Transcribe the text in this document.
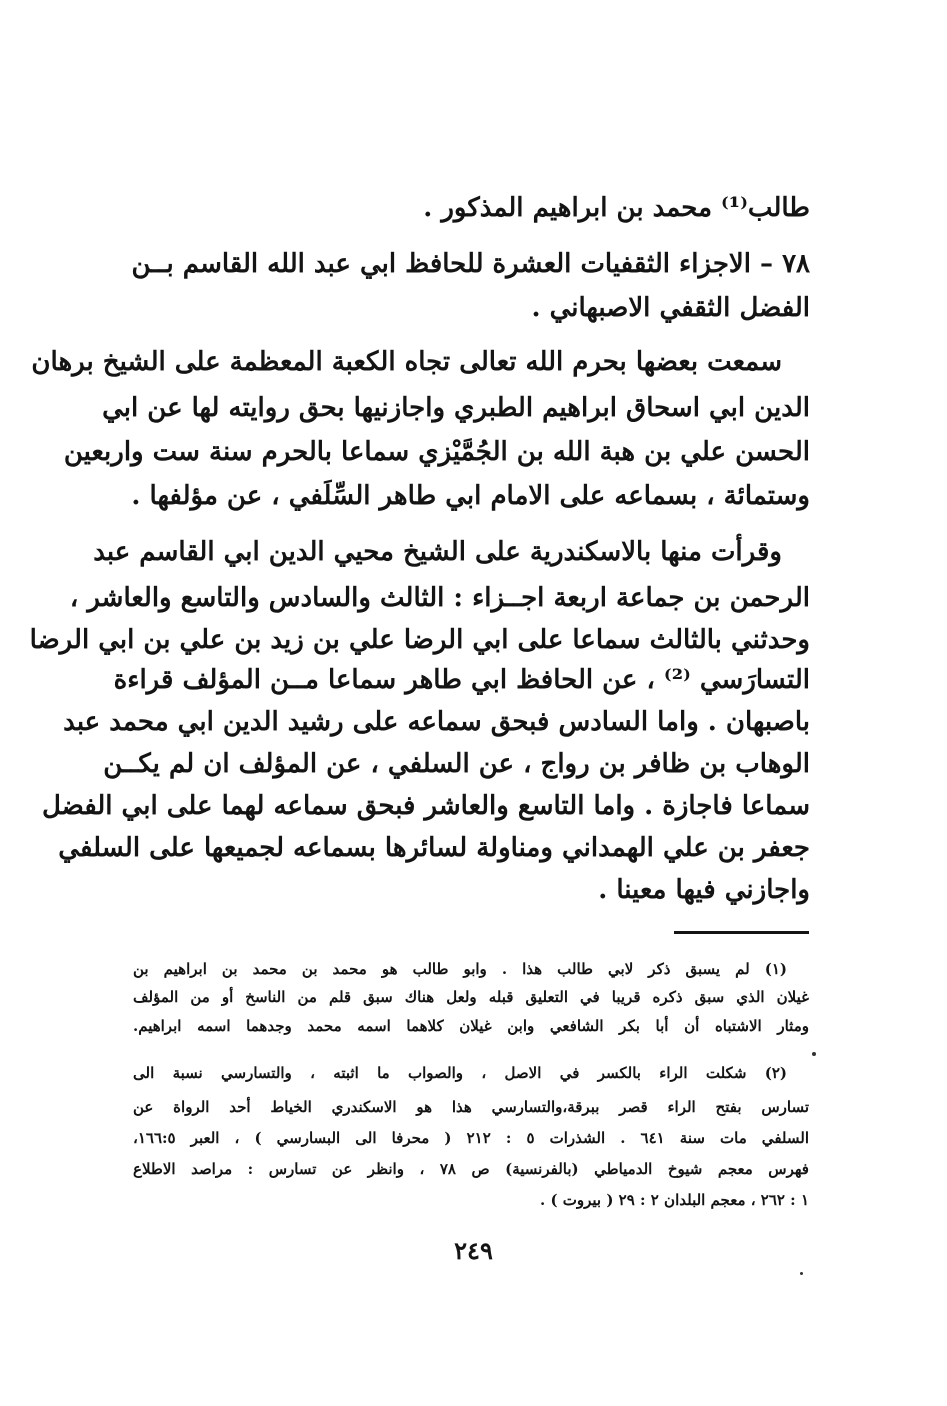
طالب⁽¹⁾ محمد بن ابراهيم المذكور .
٧٨ – الاجزاء الثقفيات العشرة للحافظ ابي عبد الله القاسم بــن
الفضل الثقفي الاصبهاني .
سمعت بعضها بحرم الله تعالى تجاه الكعبة المعظمة على الشيخ برهان
الدين ابي اسحاق ابراهيم الطبري واجازنيها بحق روايته لها عن ابي
الحسن علي بن هبة الله بن الجُمَّيْزي سماعا بالحرم سنة ست واربعين
وستمائة ، بسماعه على الامام ابي طاهر السِّلَفي ، عن مؤلفها .
وقرأت منها بالاسكندرية على الشيخ محيي الدين ابي القاسم عبد
الرحمن بن جماعة اربعة اجــزاء : الثالث والسادس والتاسع والعاشر ،
وحدثني بالثالث سماعا على ابي الرضا علي بن زيد بن علي بن ابي الرضا
التسارَسي ⁽²⁾ ، عن الحافظ ابي طاهر سماعا مــن المؤلف قراءة
باصبهان . واما السادس فبحق سماعه على رشيد الدين ابي محمد عبد
الوهاب بن ظافر بن رواج ، عن السلفي ، عن المؤلف ان لم يكــن
سماعا فاجازة . واما التاسع والعاشر فبحق سماعه لهما على ابي الفضل
جعفر بن علي الهمداني ومناولة لسائرها بسماعه لجميعها على السلفي
واجازني فيها معينا .
(١) لم يسبق ذكر لابي طالب هذا . وابو طالب هو محمد بن محمد بن ابراهيم بن
غيلان الذي سبق ذكره قريبا في التعليق قبله ولعل هناك سبق قلم من الناسخ أو من المؤلف
ومثار الاشتباه أن أبا بكر الشافعي وابن غيلان كلاهما اسمه محمد وجدهما اسمه ابراهيم.
(٢) شكلت الراء بالكسر في الاصل ، والصواب ما اثبته ، والتسارسي نسبة الى
تسارس بفتح الراء قصر ببرقة،والتسارسي هذا هو الاسكندري الخياط أحد الرواة عن
السلفي مات سنة ٦٤١ . الشذرات ٥ : ٢١٢ ( محرفا الى البسارسي ) ، العبر ١٦٦:٥،
فهرس معجم شيوخ الدمياطي (بالفرنسية) ص ٧٨ ، وانظر عن تسارس : مراصد الاطلاع
١ : ٢٦٢ ، معجم البلدان ٢ : ٢٩ ( بيروت ) .
٢٤٩
